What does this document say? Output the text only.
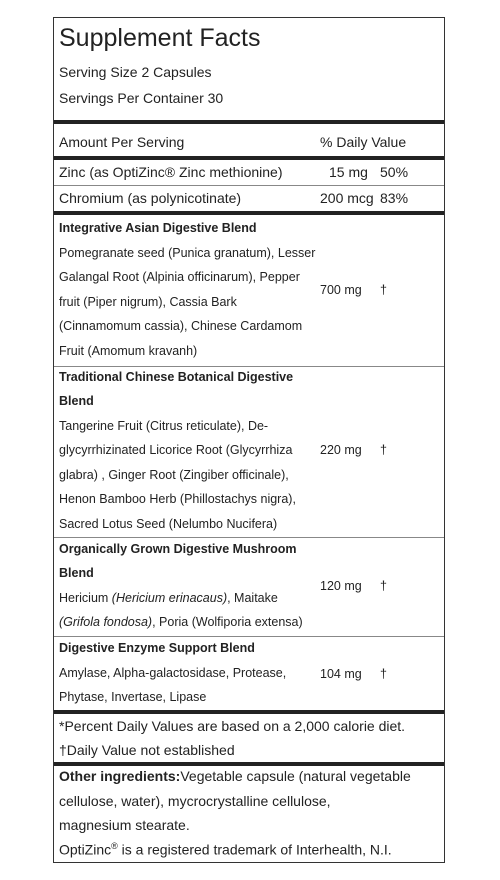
Supplement Facts
Serving Size 2 Capsules
Servings Per Container 30
Amount Per Serving	% Daily Value
Zinc (as OptiZinc® Zinc methionine)	15 mg 50%
Chromium (as polynicotinate)	200 mcg 83%
Integrative Asian Digestive Blend
Pomegranate seed (Punica granatum), Lesser
Galangal Root (Alpinia officinarum), Pepper
fruit (Piper nigrum), Cassia Bark
(Cinnamomum cassia), Chinese Cardamom
Fruit (Amomum kravanh)
700 mg †
Traditional Chinese Botanical Digestive
Blend
Tangerine Fruit (Citrus reticulate), De-
glycyrrhizinated Licorice Root (Glycyrrhiza
glabra) , Ginger Root (Zingiber officinale),
Henon Bamboo Herb (Phillostachys nigra),
Sacred Lotus Seed (Nelumbo Nucifera)
220 mg †
Organically Grown Digestive Mushroom
Blend
Hericium (Hericium erinacaus), Maitake
(Grifola fondosa), Poria (Wolfiporia extensa)
120 mg †
Digestive Enzyme Support Blend
Amylase, Alpha-galactosidase, Protease,
Phytase, Invertase, Lipase
104 mg †
*Percent Daily Values are based on a 2,000 calorie diet.
†Daily Value not established
Other ingredients:Vegetable capsule (natural vegetable
cellulose, water), mycrocrystalline cellulose,
magnesium stearate.
OptiZinc® is a registered trademark of Interhealth, N.I.
